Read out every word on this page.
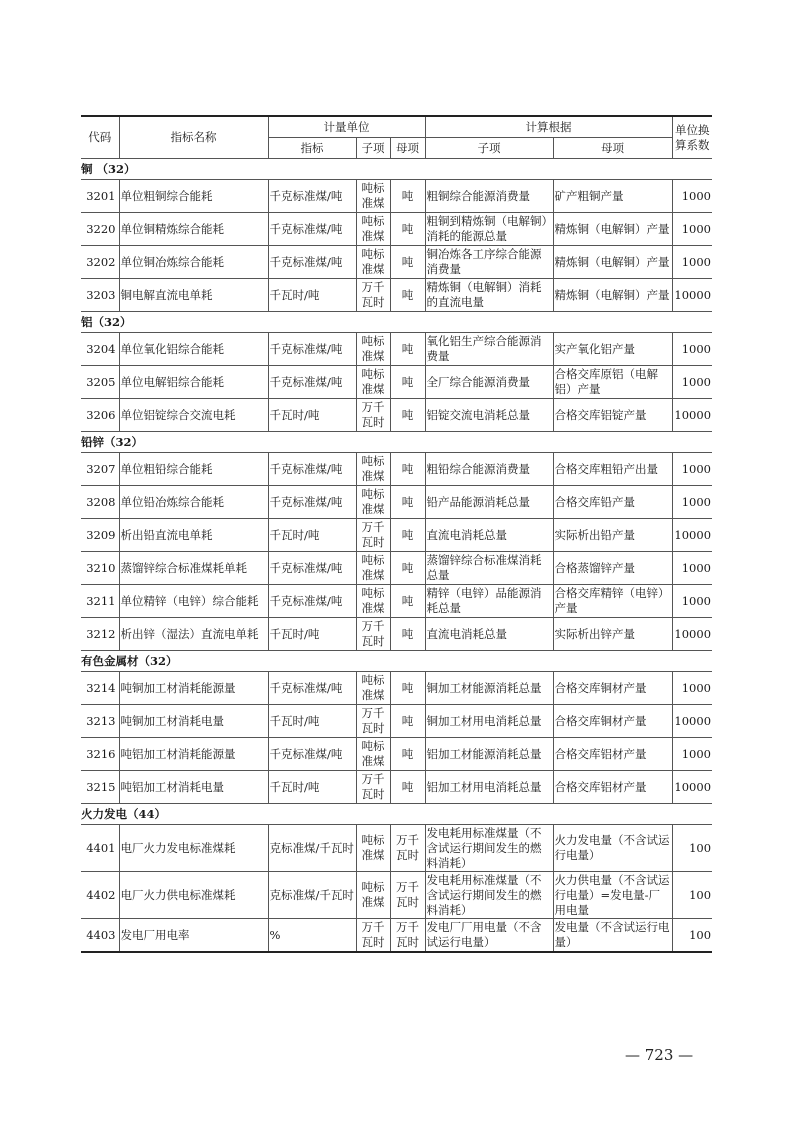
代码	指标名称	计量单位			计算根据		单位换算系数
		指标	子项	母项	子项	母项	
铜 （32）							
3201	单位粗铜综合能耗	千克标准煤/吨	吨标准煤	吨	粗铜综合能源消费量	矿产粗铜产量	1000
3220	单位铜精炼综合能耗	千克标准煤/吨	吨标准煤	吨	粗铜到精炼铜（电解铜）消耗的能源总量	精炼铜（电解铜）产量	1000
3202	单位铜冶炼综合能耗	千克标准煤/吨	吨标准煤	吨	铜冶炼各工序综合能源消费量	精炼铜（电解铜）产量	1000
3203	铜电解直流电单耗	千瓦时/吨	万千瓦时	吨	精炼铜（电解铜）消耗的直流电量	精炼铜（电解铜）产量	10000
铝（32）							
3204	单位氧化铝综合能耗	千克标准煤/吨	吨标准煤	吨	氧化铝生产综合能源消费量	实产氧化铝产量	1000
3205	单位电解铝综合能耗	千克标准煤/吨	吨标准煤	吨	全厂综合能源消费量	合格交库原铝（电解铝）产量	1000
3206	单位铝锭综合交流电耗	千瓦时/吨	万千瓦时	吨	铝锭交流电消耗总量	合格交库铝锭产量	10000
铅锌（32）							
3207	单位粗铅综合能耗	千克标准煤/吨	吨标准煤	吨	粗铅综合能源消费量	合格交库粗铅产出量	1000
3208	单位铅冶炼综合能耗	千克标准煤/吨	吨标准煤	吨	铅产品能源消耗总量	合格交库铅产量	1000
3209	析出铅直流电单耗	千瓦时/吨	万千瓦时	吨	直流电消耗总量	实际析出铅产量	10000
3210	蒸馏锌综合标准煤耗单耗	千克标准煤/吨	吨标准煤	吨	蒸馏锌综合标准煤消耗总量	合格蒸馏锌产量	1000
3211	单位精锌（电锌）综合能耗	千克标准煤/吨	吨标准煤	吨	精锌（电锌）品能源消耗总量	合格交库精锌（电锌）产量	1000
3212	析出锌（湿法）直流电单耗	千瓦时/吨	万千瓦时	吨	直流电消耗总量	实际析出锌产量	10000
有色金属材（32）							
3214	吨铜加工材消耗能源量	千克标准煤/吨	吨标准煤	吨	铜加工材能源消耗总量	合格交库铜材产量	1000
3213	吨铜加工材消耗电量	千瓦时/吨	万千瓦时	吨	铜加工材用电消耗总量	合格交库铜材产量	10000
3216	吨铝加工材消耗能源量	千克标准煤/吨	吨标准煤	吨	铝加工材能源消耗总量	合格交库铝材产量	1000
3215	吨铝加工材消耗电量	千瓦时/吨	万千瓦时	吨	铝加工材用电消耗总量	合格交库铝材产量	10000
火力发电（44）							
4401	电厂火力发电标准煤耗	克标准煤/千瓦时	吨标准煤	万千瓦时	发电耗用标准煤量（不含试运行期间发生的燃料消耗）	火力发电量（不含试运行电量）	100
4402	电厂火力供电标准煤耗	克标准煤/千瓦时	吨标准煤	万千瓦时	发电耗用标准煤量（不含试运行期间发生的燃料消耗）	火力供电量（不含试运行电量）=发电量-厂用电量	100
4403	发电厂用电率	%	万千瓦时	万千瓦时	发电厂厂用电量（不含试运行电量）	发电量（不含试运行电量）	100
— 723 —
